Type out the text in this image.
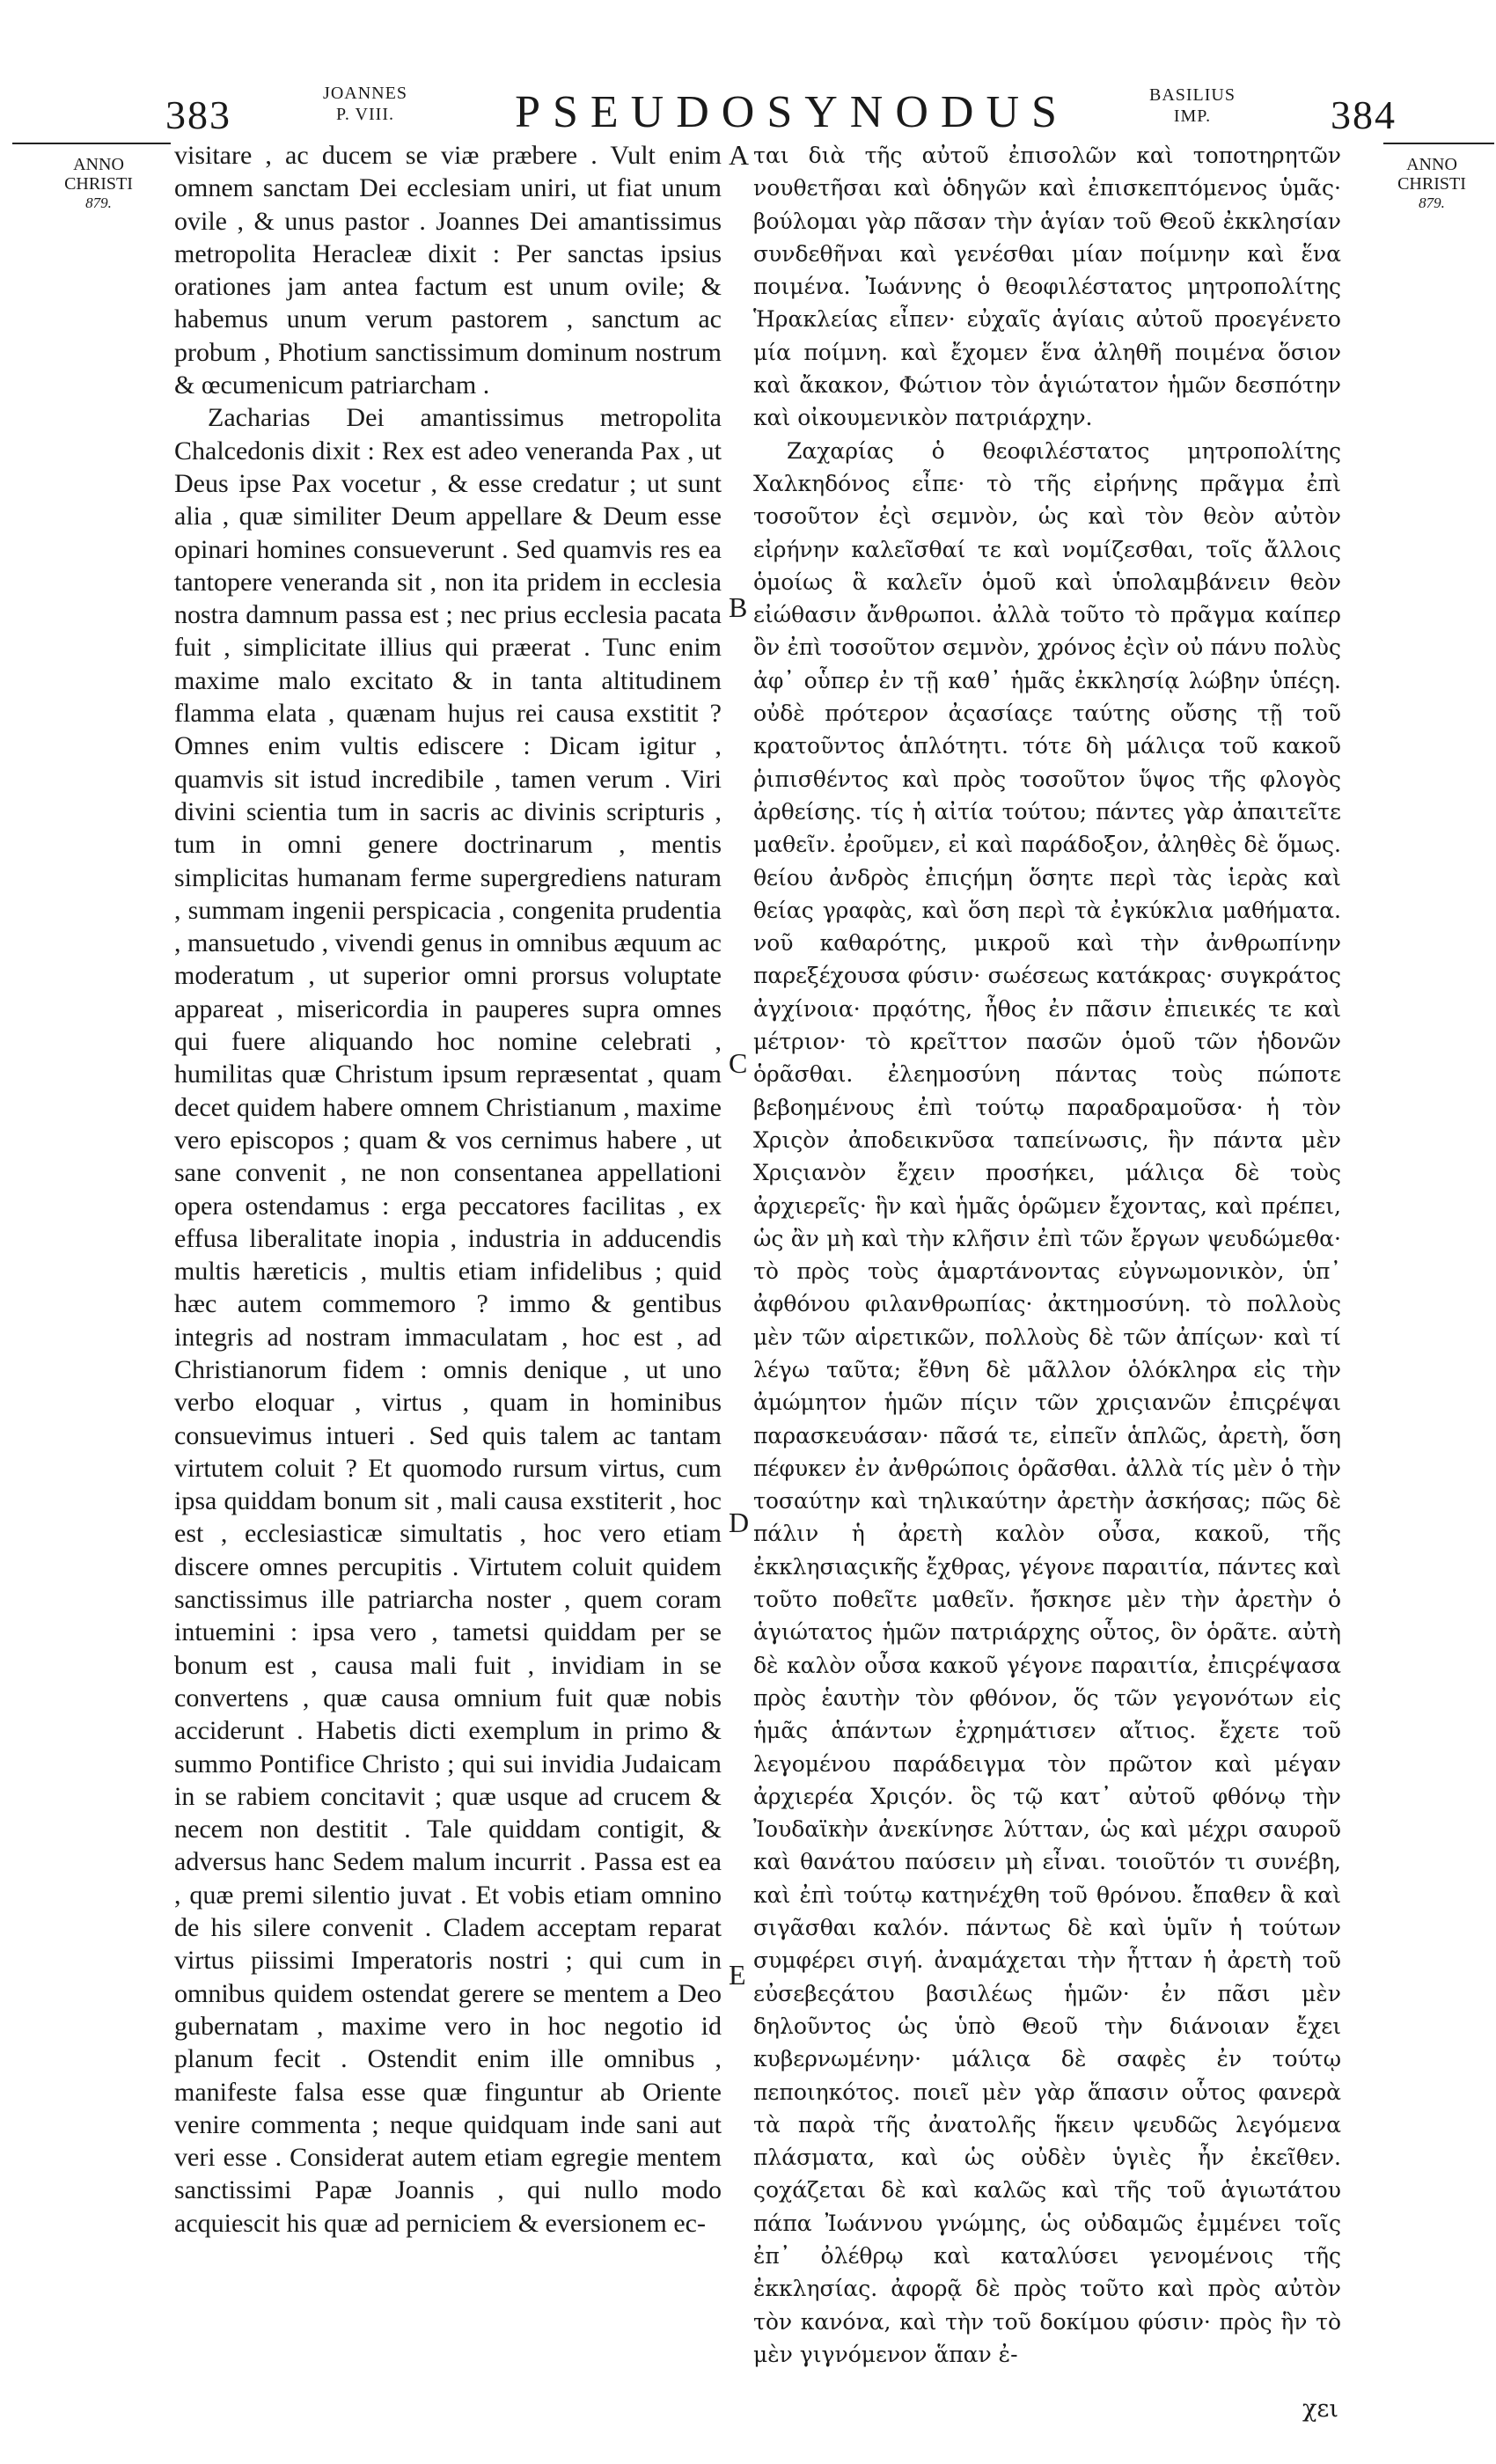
383	JOANNES
P. VIII.	PSEUDOSYNODUS	BASILIUS
IMP.	384
ANNO
CHRISTI
879.
ANNO
CHRISTI
879.

visitare , ac ducem se viæ præbere . Vult enim omnem sanctam Dei ecclesiam uniri, ut fiat unum ovile , & unus pastor . Joannes Dei amantissimus metropolita Heracleæ dixit : Per sanctas ipsius orationes jam antea factum est unum ovile; & habemus unum verum pastorem , sanctum ac probum , Photium sanctissimum dominum nostrum & œcumenicum patriarcham .

Zacharias Dei amantissimus metropolita Chalcedonis dixit : Rex est adeo veneranda Pax , ut Deus ipse Pax vocetur , & esse credatur ; ut sunt alia , quæ similiter Deum appellare & Deum esse opinari homines consueverunt . Sed quamvis res ea tantopere veneranda sit , non ita pridem in ecclesia nostra damnum passa est ; nec prius ecclesia pacata fuit , simplicitate illius qui præerat . Tunc enim maxime malo excitato & in tanta altitudinem flamma elata , quænam hujus rei causa exstitit ? Omnes enim vultis ediscere : Dicam igitur , quamvis sit istud incredibile , tamen verum . Viri divini scientia tum in sacris ac divinis scripturis , tum in omni genere doctrinarum , mentis simplicitas humanam ferme supergrediens naturam , summam ingenii perspicacia , congenita prudentia , mansuetudo , vivendi genus in omnibus æquum ac moderatum , ut superior omni prorsus voluptate appareat , misericordia in pauperes supra omnes qui fuere aliquando hoc nomine celebrati , humilitas quæ Christum ipsum repræsentat , quam decet quidem habere omnem Christianum , maxime vero episcopos ; quam & vos cernimus habere , ut sane convenit , ne non consentanea appellationi opera ostendamus : erga peccatores facilitas , ex effusa liberalitate inopia , industria in adducendis multis hæreticis , multis etiam infidelibus ; quid hæc autem commemoro ? immo & gentibus integris ad nostram immaculatam , hoc est , ad Christianorum fidem : omnis denique , ut uno verbo eloquar , virtus , quam in hominibus consuevimus intueri . Sed quis talem ac tantam virtutem coluit ? Et quomodo rursum virtus, cum ipsa quiddam bonum sit , mali causa exstiterit , hoc est , ecclesiasticæ simultatis , hoc vero etiam discere omnes percupitis . Virtutem coluit quidem sanctissimus ille patriarcha noster , quem coram intuemini : ipsa vero , tametsi quiddam per se bonum est , causa mali fuit , invidiam in se convertens , quæ causa omnium fuit quæ nobis acciderunt . Habetis dicti exemplum in primo & summo Pontifice Christo ; qui sui invidia Judaicam in se rabiem concitavit ; quæ usque ad crucem & necem non destitit . Tale quiddam contigit, & adversus hanc Sedem malum incurrit . Passa est ea , quæ premi silentio juvat . Et vobis etiam omnino de his silere convenit . Cladem acceptam reparat virtus piissimi Imperatoris nostri ; qui cum in omnibus quidem ostendat gerere se mentem a Deo gubernatam , maxime vero in hoc negotio id planum fecit . Ostendit enim ille omnibus , manifeste falsa esse quæ finguntur ab Oriente venire commenta ; neque quidquam inde sani aut veri esse . Considerat autem etiam egregie mentem sanctissimi Papæ Joannis , qui nullo modo acquiescit his quæ ad perniciem & eversionem ec-

A
B
C
D
E

ται διὰ τῆς αὐτοῦ ἐπισολῶν καὶ τοποτηρητῶν νουθετῆσαι καὶ ὁδηγῶν καὶ ἐπισκεπτόμενος ὑμᾶς· βούλομαι γὰρ πᾶσαν τὴν ἁγίαν τοῦ Θεοῦ ἐκκλησίαν συνδεθῆναι καὶ γενέσθαι μίαν ποίμνην καὶ ἕνα ποιμένα. Ἰωάννης ὁ θεοφιλέστατος μητροπολίτης Ἡρακλείας εἶπεν· εὐχαῖς ἁγίαις αὐτοῦ προεγένετο μία ποίμνη. καὶ ἔχομεν ἕνα ἀληθῆ ποιμένα ὅσιον καὶ ἄκακον, Φώτιον τὸν ἁγιώτατον ἡμῶν δεσπότην καὶ οἰκουμενικὸν πατριάρχην.

Ζαχαρίας ὁ θεοφιλέστατος μητροπολίτης Χαλκηδόνος εἶπε· τὸ τῆς εἰρήνης πρᾶγμα ἐπὶ τοσοῦτον ἐςὶ σεμνὸν, ὡς καὶ τὸν θεὸν αὐτὸν εἰρήνην καλεῖσθαί τε καὶ νομίζεσθαι, τοῖς ἄλλοις ὁμοίως ἃ καλεῖν ὁμοῦ καὶ ὑπολαμβάνειν θεὸν εἰώθασιν ἄνθρωποι. ἀλλὰ τοῦτο τὸ πρᾶγμα καίπερ ὂν ἐπὶ τοσοῦτον σεμνὸν, χρόνος ἐςὶν οὐ πάνυ πολὺς ἀφ᾽ οὗπερ ἐν τῇ καθ᾽ ἡμᾶς ἐκκλησίᾳ λώβην ὑπέςη. οὐδὲ πρότερον ἀςασίαςε ταύτης οὔσης τῇ τοῦ κρατοῦντος ἁπλότητι. τότε δὴ μάλιςα τοῦ κακοῦ ῥιπισθέντος καὶ πρὸς τοσοῦτον ὕψος τῆς φλογὸς ἀρθείσης. τίς ἡ αἰτία τούτου; πάντες γὰρ ἀπαιτεῖτε μαθεῖν. ἐροῦμεν, εἰ καὶ παράδοξον, ἀληθὲς δὲ ὅμως. θείου ἀνδρὸς ἐπιςήμη ὅσητε περὶ τὰς ἱερὰς καὶ θείας γραφὰς, καὶ ὅση περὶ τὰ ἐγκύκλια μαθήματα. νοῦ καθαρότης, μικροῦ καὶ τὴν ἀνθρωπίνην παρεξέχουσα φύσιν· σωέσεως κατάκρας· συγκράτος ἀγχίνοια· πρᾳότης, ἦθος ἐν πᾶσιν ἐπιεικές τε καὶ μέτριον· τὸ κρεῖττον πασῶν ὁμοῦ τῶν ἡδονῶν ὁρᾶσθαι. ἐλεημοσύνη πάντας τοὺς πώποτε βεβοημένους ἐπὶ τούτῳ παραδραμοῦσα· ἡ τὸν Χριςὸν ἀποδεικνῦσα ταπείνωσις, ἣν πάντα μὲν Χριςιανὸν ἔχειν προσήκει, μάλιςα δὲ τοὺς ἀρχιερεῖς· ἣν καὶ ἡμᾶς ὁρῶμεν ἔχοντας, καὶ πρέπει, ὡς ἂν μὴ καὶ τὴν κλῆσιν ἐπὶ τῶν ἔργων ψευδώμεθα· τὸ πρὸς τοὺς ἁμαρτάνοντας εὐγνωμονικὸν, ὑπ᾽ ἀφθόνου φιλανθρωπίας· ἀκτημοσύνη. τὸ πολλοὺς μὲν τῶν αἱρετικῶν, πολλοὺς δὲ τῶν ἀπίςων· καὶ τί λέγω ταῦτα; ἔθνη δὲ μᾶλλον ὁλόκληρα εἰς τὴν ἀμώμητον ἡμῶν πίςιν τῶν χριςιανῶν ἐπιςρέψαι παρασκευάσαν· πᾶσά τε, εἰπεῖν ἁπλῶς, ἀρετὴ, ὅση πέφυκεν ἐν ἀνθρώποις ὁρᾶσθαι. ἀλλὰ τίς μὲν ὁ τὴν τοσαύτην καὶ τηλικαύτην ἀρετὴν ἀσκήσας; πῶς δὲ πάλιν ἡ ἀρετὴ καλὸν οὖσα, κακοῦ, τῆς ἐκκλησιαςικῆς ἔχθρας, γέγονε παραιτία, πάντες καὶ τοῦτο ποθεῖτε μαθεῖν. ἤσκησε μὲν τὴν ἀρετὴν ὁ ἁγιώτατος ἡμῶν πατριάρχης οὗτος, ὃν ὁρᾶτε. αὐτὴ δὲ καλὸν οὖσα κακοῦ γέγονε παραιτία, ἐπιςρέψασα πρὸς ἑαυτὴν τὸν φθόνον, ὅς τῶν γεγονότων εἰς ἡμᾶς ἁπάντων ἐχρημάτισεν αἴτιος. ἔχετε τοῦ λεγομένου παράδειγμα τὸν πρῶτον καὶ μέγαν ἀρχιερέα Χριςόν. ὃς τῷ κατ᾽ αὐτοῦ φθόνῳ τὴν Ἰουδαϊκὴν ἀνεκίνησε λύτταν, ὡς καὶ μέχρι σαυροῦ καὶ θανάτου παύσειν μὴ εἶναι. τοιοῦτόν τι συνέβη, καὶ ἐπὶ τούτῳ κατηνέχθη τοῦ θρόνου. ἔπαθεν ἃ καὶ σιγᾶσθαι καλόν. πάντως δὲ καὶ ὑμῖν ἡ τούτων συμφέρει σιγή. ἀναμάχεται τὴν ἧτταν ἡ ἀρετὴ τοῦ εὐσεβεςάτου βασιλέως ἡμῶν· ἐν πᾶσι μὲν δηλοῦντος ὡς ὑπὸ Θεοῦ τὴν διάνοιαν ἔχει κυβερνωμένην· μάλιςα δὲ σαφὲς ἐν τούτῳ πεποιηκότος. ποιεῖ μὲν γὰρ ἅπασιν οὗτος φανερὰ τὰ παρὰ τῆς ἀνατολῆς ἥκειν ψευδῶς λεγόμενα πλάσματα, καὶ ὡς οὐδὲν ὑγιὲς ἦν ἐκεῖθεν. ςοχάζεται δὲ καὶ καλῶς καὶ τῆς τοῦ ἁγιωτάτου πάπα Ἰωάννου γνώμης, ὡς οὐδαμῶς ἐμμένει τοῖς ἐπ᾽ ὀλέθρῳ καὶ καταλύσει γενομένοις τῆς ἐκκλησίας. ἀφορᾷ δὲ πρὸς τοῦτο καὶ πρὸς αὐτὸν τὸν κανόνα, καὶ τὴν τοῦ δοκίμου φύσιν· πρὸς ἣν τὸ μὲν γιγνόμενον ἅπαν ἐ-

χει
